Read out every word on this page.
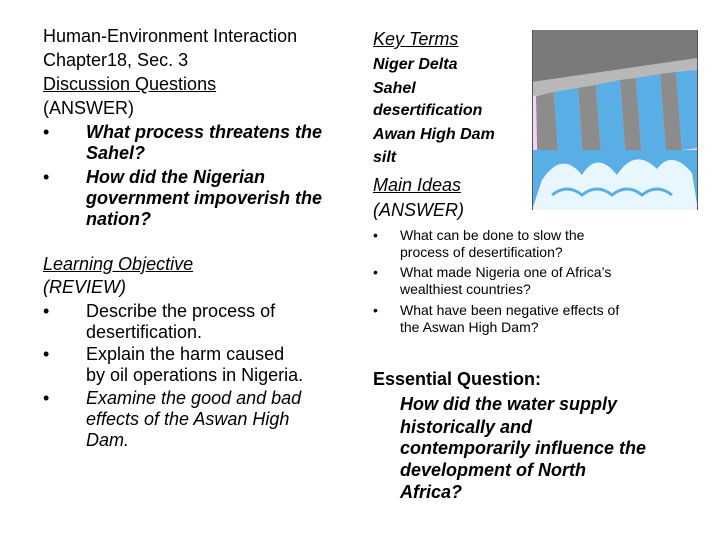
Human-Environment Interaction
Chapter18, Sec. 3
Discussion Questions
(ANSWER)
• What process threatens the
Sahel?
• How did the Nigerian
government impoverish the
nation?
Learning Objective
(REVIEW)
• Describe the process of
desertification.
• Explain the harm caused
by oil operations in Nigeria.
• Examine the good and bad
effects of the Aswan High
Dam.
Key Terms
Niger Delta
Sahel
desertification
Awan High Dam
silt
Main Ideas
(ANSWER)
• What can be done to slow the
process of desertification?
• What made Nigeria one of Africa’s
wealthiest countries?
• What have been negative effects of
the Aswan High Dam?
Essential Question:
How did the water supply
historically and
contemporarily influence the
development of North
Africa?
